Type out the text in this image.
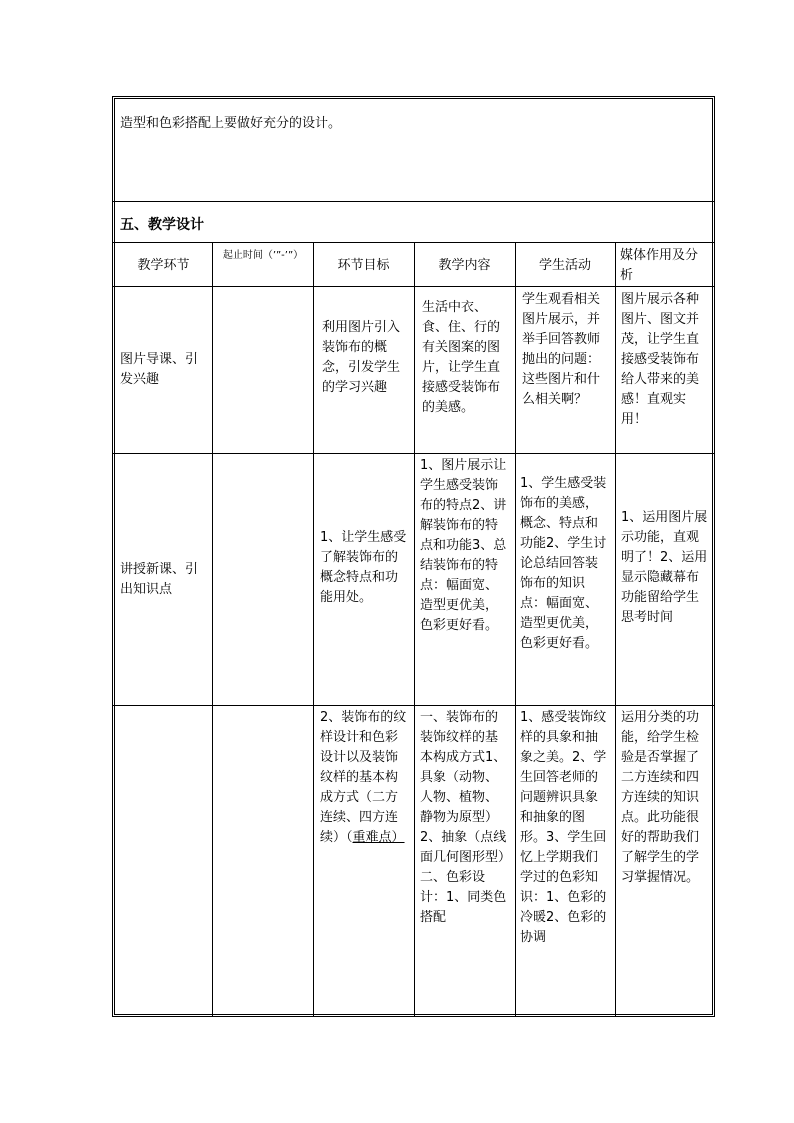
造型和色彩搭配上要做好充分的设计。
五、教学设计
教学环节
起止时间（’”-’”）
环节目标	教学内容	学生活动
媒体作用及分析
图片导课、引发兴趣
利用图片引入装饰布的概念，引发学生的学习兴趣
生活中衣、食、住、行的有关图案的图片，让学生直接感受装饰布的美感。
学生观看相关图片展示，并举手回答教师抛出的问题：这些图片和什么相关啊？
图片展示各种图片、图文并茂，让学生直接感受装饰布给人带来的美感！直观实用！
讲授新课、引出知识点
1、让学生感受了解装饰布的概念特点和功能用处。
1、图片展示让学生感受装饰布的特点2、讲解装饰布的特点和功能3、总结装饰布的特点：幅面宽、造型更优美，色彩更好看。
1、学生感受装饰布的美感，概念、特点和功能2、学生讨论总结回答装饰布的知识点：幅面宽、造型更优美，色彩更好看。
1、运用图片展示功能，直观明了！2、运用显示隐藏幕布功能留给学生思考时间
2、装饰布的纹样设计和色彩设计以及装饰纹样的基本构成方式（二方连续、四方连续）（重难点）
一、装饰布的装饰纹样的基本构成方式1、具象（动物、人物、植物、静物为原型）2、抽象（点线面几何图形型）二、色彩设计：1、同类色搭配
1、感受装饰纹样的具象和抽象之美。2、学生回答老师的问题辨识具象和抽象的图形。3、学生回忆上学期我们学过的色彩知识：1、色彩的冷暖2、色彩的协调
运用分类的功能，给学生检验是否掌握了二方连续和四方连续的知识点。此功能很好的帮助我们了解学生的学习掌握情况。
